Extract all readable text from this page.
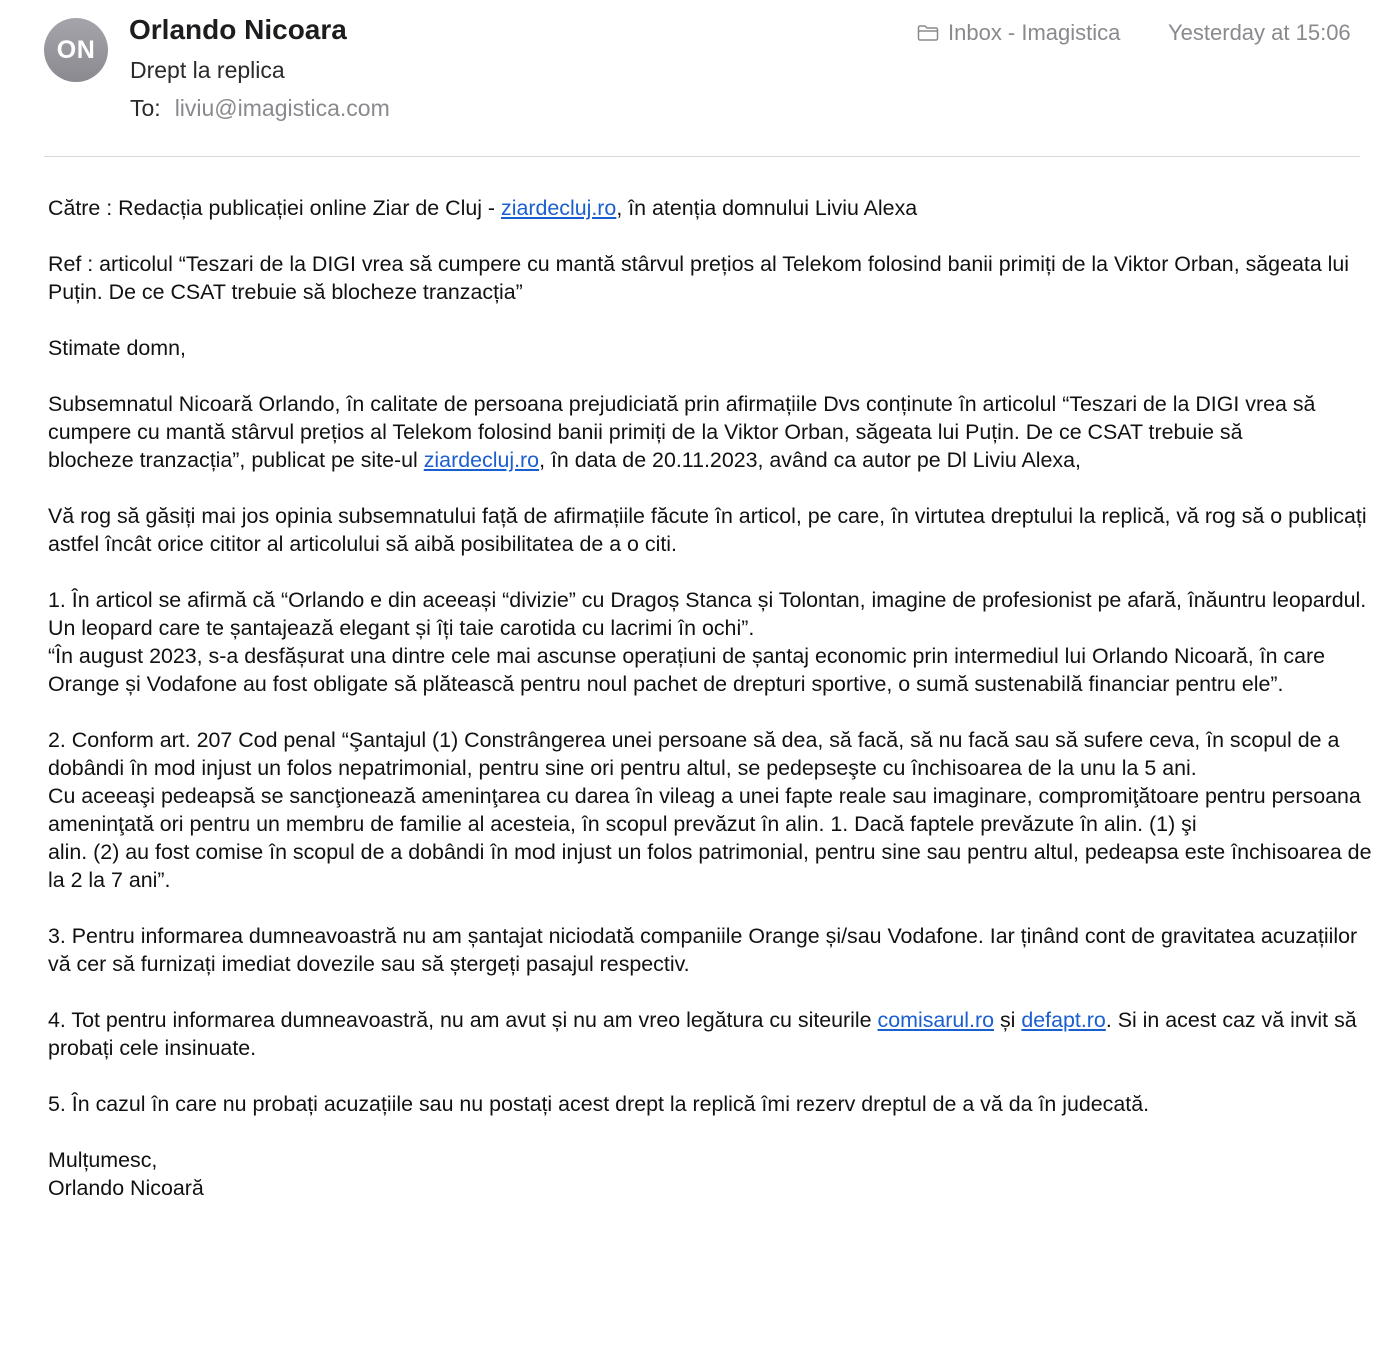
ON
Orlando Nicoara
Drept la replica
To: liviu@imagistica.com
Inbox - Imagistica Yesterday at 15:06

Către : Redacția publicației online Ziar de Cluj - ziardecluj.ro, în atenția domnului Liviu Alexa

Ref : articolul “Teszari de la DIGI vrea să cumpere cu mantă stârvul prețios al Telekom folosind banii primiți de la Viktor Orban, săgeata lui Puțin. De ce CSAT trebuie să blocheze tranzacția”

Stimate domn,

Subsemnatul Nicoară Orlando, în calitate de persoana prejudiciată prin afirmațiile Dvs conținute în articolul “Teszari de la DIGI vrea să cumpere cu mantă stârvul prețios al Telekom folosind banii primiți de la Viktor Orban, săgeata lui Puțin. De ce CSAT trebuie să
blocheze tranzacția”, publicat pe site-ul ziardecluj.ro, în data de 20.11.2023, având ca autor pe Dl Liviu Alexa,

Vă rog să găsiți mai jos opinia subsemnatului față de afirmațiile făcute în articol, pe care, în virtutea dreptului la replică, vă rog să o publicați astfel încât orice cititor al articolului să aibă posibilitatea de a o citi.

1. În articol se afirmă că “Orlando e din aceeași “divizie” cu Dragoș Stanca și Tolontan, imagine de profesionist pe afară, înăuntru leopardul. Un leopard care te șantajează elegant și îți taie carotida cu lacrimi în ochi”.
“În august 2023, s-a desfășurat una dintre cele mai ascunse operațiuni de șantaj economic prin intermediul lui Orlando Nicoară, în care Orange și Vodafone au fost obligate să plătească pentru noul pachet de drepturi sportive, o sumă sustenabilă financiar pentru ele”.

2. Conform art. 207 Cod penal “Şantajul (1) Constrângerea unei persoane să dea, să facă, să nu facă sau să sufere ceva, în scopul de a dobândi în mod injust un folos nepatrimonial, pentru sine ori pentru altul, se pedepseşte cu închisoarea de la unu la 5 ani.
Cu aceeaşi pedeapsă se sancţionează ameninţarea cu darea în vileag a unei fapte reale sau imaginare, compromiţătoare pentru persoana ameninţată ori pentru un membru de familie al acesteia, în scopul prevăzut în alin. 1. Dacă faptele prevăzute în alin. (1) şi
alin. (2) au fost comise în scopul de a dobândi în mod injust un folos patrimonial, pentru sine sau pentru altul, pedeapsa este închisoarea de la 2 la 7 ani”.

3. Pentru informarea dumneavoastră nu am șantajat niciodată companiile Orange și/sau Vodafone. Iar ținând cont de gravitatea acuzațiilor vă cer să furnizați imediat dovezile sau să ștergeți pasajul respectiv.

4. Tot pentru informarea dumneavoastră, nu am avut și nu am vreo legătura cu siteurile comisarul.ro și defapt.ro. Si in acest caz vă invit să probați cele insinuate.

5. În cazul în care nu probați acuzațiile sau nu postați acest drept la replică îmi rezerv dreptul de a vă da în judecată.

Mulțumesc,
Orlando Nicoară
